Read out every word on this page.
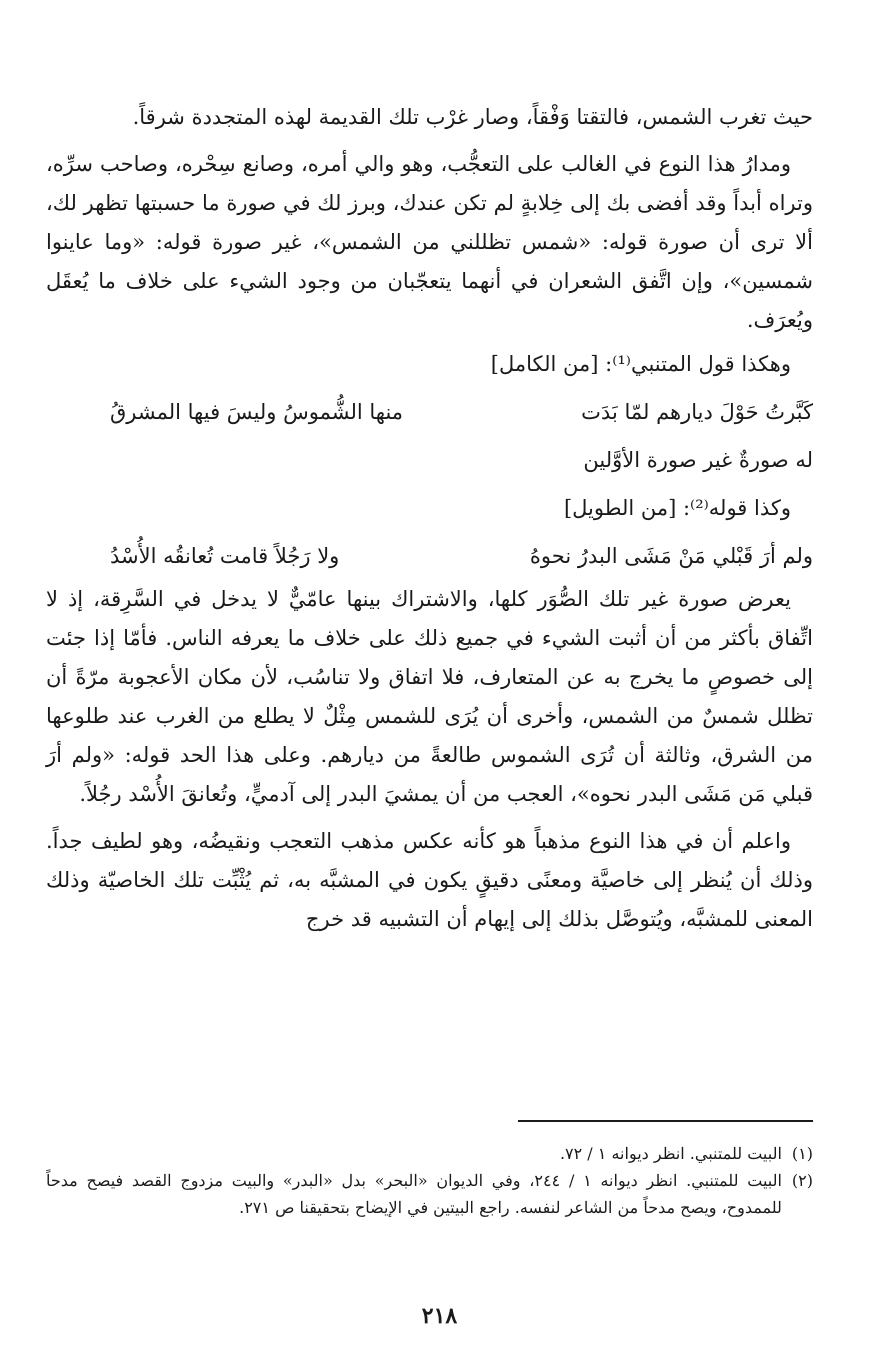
حيث تغرب الشمس، فالتقتا وَفْقاً، وصار غرْب تلك القديمة لهذه المتجددة شرقاً.

ومدارُ هذا النوع في الغالب على التعجُّب، وهو والي أمره، وصانع سِحْره، وصاحب سرِّه، وتراه أبداً وقد أفضى بك إلى خِلابةٍ لم تكن عندك، وبرز لك في صورة ما حسبتها تظهر لك، ألا ترى أن صورة قوله: «شمس تظللني من الشمس»، غير صورة قوله: «وما عاينوا شمسين»، وإن اتَّفق الشعران في أنهما يتعجّبان من وجود الشيء على خلاف ما يُعقَل ويُعرَف.

وهكذا قول المتنبي⁽¹⁾: [من الكامل]
كَبَّرتُ حَوْلَ ديارهم لمّا بَدَت
منها الشُّموسُ وليسَ فيها المشرقُ
له صورةٌ غير صورة الأوَّلين
وكذا قوله⁽²⁾: [من الطويل]
ولم أرَ قَبْلي مَنْ مَشَى البدرُ نحوهُ
ولا رَجُلاً قامت تُعانقُه الأُسْدُ

يعرض صورة غير تلك الصُّوَر كلها، والاشتراك بينها عامّيٌّ لا يدخل في السَّرِقة، إذ لا اتِّفاق بأكثر من أن أثبت الشيء في جميع ذلك على خلاف ما يعرفه الناس. فأمّا إذا جئت إلى خصوصٍ ما يخرج به عن المتعارف، فلا اتفاق ولا تناسُب، لأن مكان الأعجوبة مرّةً أن تظلل شمسٌ من الشمس، وأخرى أن يُرَى للشمس مِثْلٌ لا يطلع من الغرب عند طلوعها من الشرق، وثالثة أن تُرَى الشموس طالعةً من ديارهم. وعلى هذا الحد قوله: «ولم أرَ قبلي مَن مَشَى البدر نحوه»، العجب من أن يمشيَ البدر إلى آدميٍّ، وتُعانقَ الأُسْد رجُلاً.

واعلم أن في هذا النوع مذهباً هو كأنه عكس مذهب التعجب ونقيضُه، وهو لطيف جداً. وذلك أن يُنظر إلى خاصيَّة ومعنًى دقيقٍ يكون في المشبَّه به، ثم يُثْبِّت تلك الخاصيّة وذلك المعنى للمشبَّه، ويُتوصَّل بذلك إلى إيهام أن التشبيه قد خرج

(١)
البيت للمتنبي. انظر ديوانه ١ / ٧٢.
(٢)
البيت للمتنبي. انظر ديوانه ١ / ٢٤٤، وفي الديوان «البحر» بدل «البدر» والبيت مزدوج القصد فيصح مدحاً للممدوح، ويصح مدحاً من الشاعر لنفسه. راجع البيتين في الإيضاح بتحقيقنا ص ٢٧١.
٢١٨
